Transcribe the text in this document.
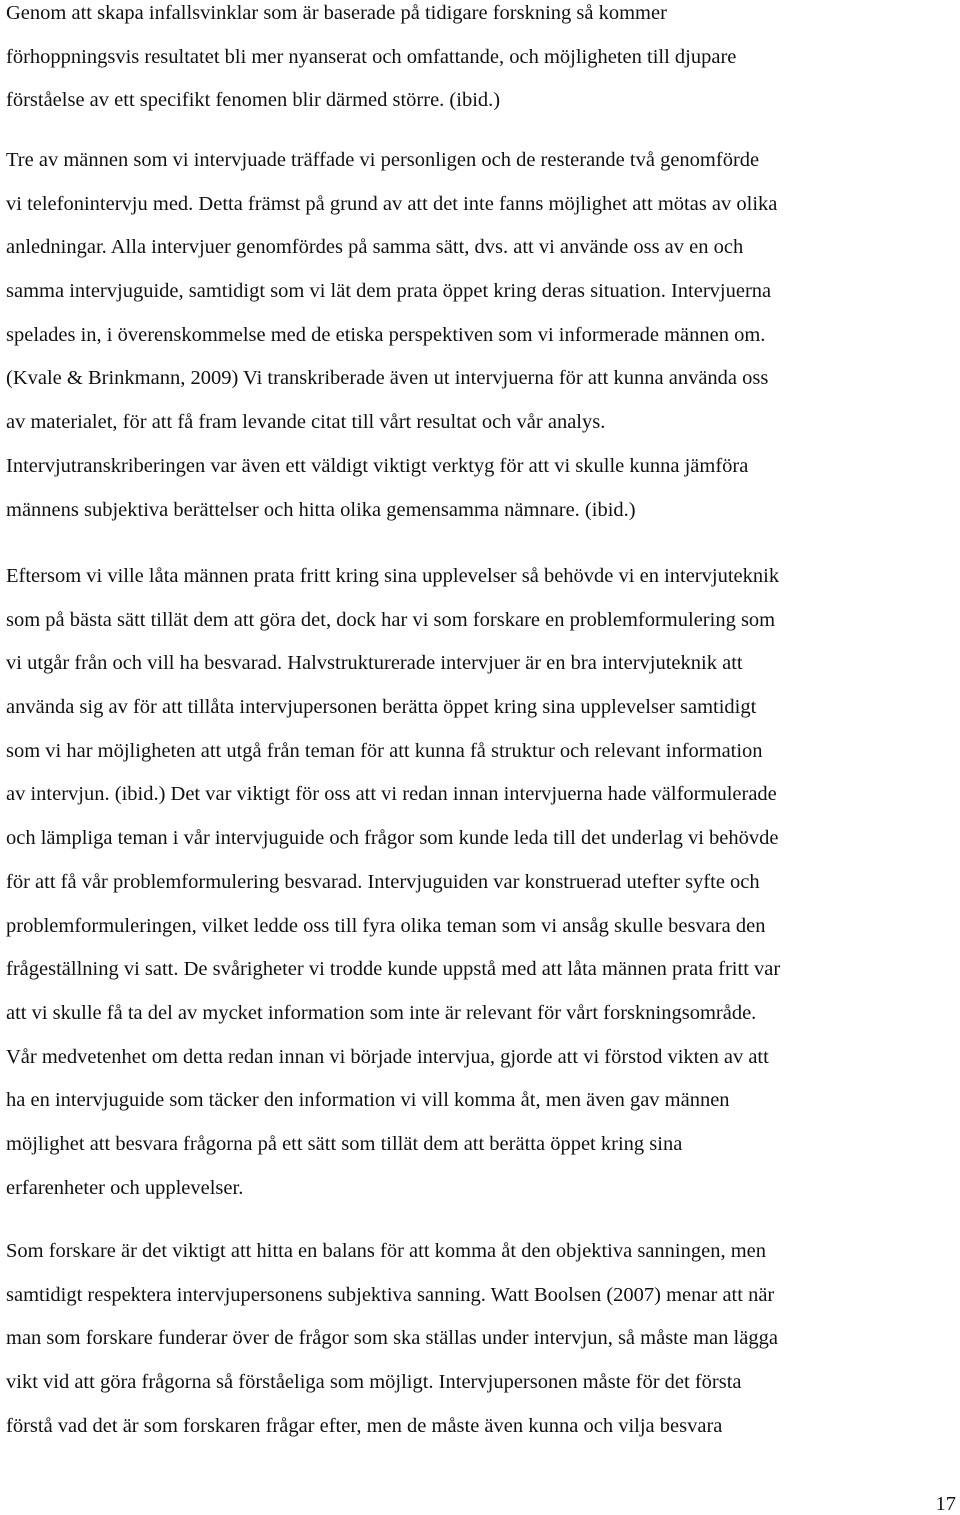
Genom att skapa infallsvinklar som är baserade på tidigare forskning så kommer
förhoppningsvis resultatet bli mer nyanserat och omfattande, och möjligheten till djupare
förståelse av ett specifikt fenomen blir därmed större. (ibid.)

Tre av männen som vi intervjuade träffade vi personligen och de resterande två genomförde
vi telefonintervju med. Detta främst på grund av att det inte fanns möjlighet att mötas av olika
anledningar. Alla intervjuer genomfördes på samma sätt, dvs. att vi använde oss av en och
samma intervjuguide, samtidigt som vi lät dem prata öppet kring deras situation. Intervjuerna
spelades in, i överenskommelse med de etiska perspektiven som vi informerade männen om.
(Kvale & Brinkmann, 2009) Vi transkriberade även ut intervjuerna för att kunna använda oss
av materialet, för att få fram levande citat till vårt resultat och vår analys.
Intervjutranskriberingen var även ett väldigt viktigt verktyg för att vi skulle kunna jämföra
männens subjektiva berättelser och hitta olika gemensamma nämnare. (ibid.)

Eftersom vi ville låta männen prata fritt kring sina upplevelser så behövde vi en intervjuteknik
som på bästa sätt tillät dem att göra det, dock har vi som forskare en problemformulering som
vi utgår från och vill ha besvarad. Halvstrukturerade intervjuer är en bra intervjuteknik att
använda sig av för att tillåta intervjupersonen berätta öppet kring sina upplevelser samtidigt
som vi har möjligheten att utgå från teman för att kunna få struktur och relevant information
av intervjun. (ibid.) Det var viktigt för oss att vi redan innan intervjuerna hade välformulerade
och lämpliga teman i vår intervjuguide och frågor som kunde leda till det underlag vi behövde
för att få vår problemformulering besvarad. Intervjuguiden var konstruerad utefter syfte och
problemformuleringen, vilket ledde oss till fyra olika teman som vi ansåg skulle besvara den
frågeställning vi satt. De svårigheter vi trodde kunde uppstå med att låta männen prata fritt var
att vi skulle få ta del av mycket information som inte är relevant för vårt forskningsområde.
Vår medvetenhet om detta redan innan vi började intervjua, gjorde att vi förstod vikten av att
ha en intervjuguide som täcker den information vi vill komma åt, men även gav männen
möjlighet att besvara frågorna på ett sätt som tillät dem att berätta öppet kring sina
erfarenheter och upplevelser.

Som forskare är det viktigt att hitta en balans för att komma åt den objektiva sanningen, men
samtidigt respektera intervjupersonens subjektiva sanning. Watt Boolsen (2007) menar att när
man som forskare funderar över de frågor som ska ställas under intervjun, så måste man lägga
vikt vid att göra frågorna så förståeliga som möjligt. Intervjupersonen måste för det första
förstå vad det är som forskaren frågar efter, men de måste även kunna och vilja besvara

17
